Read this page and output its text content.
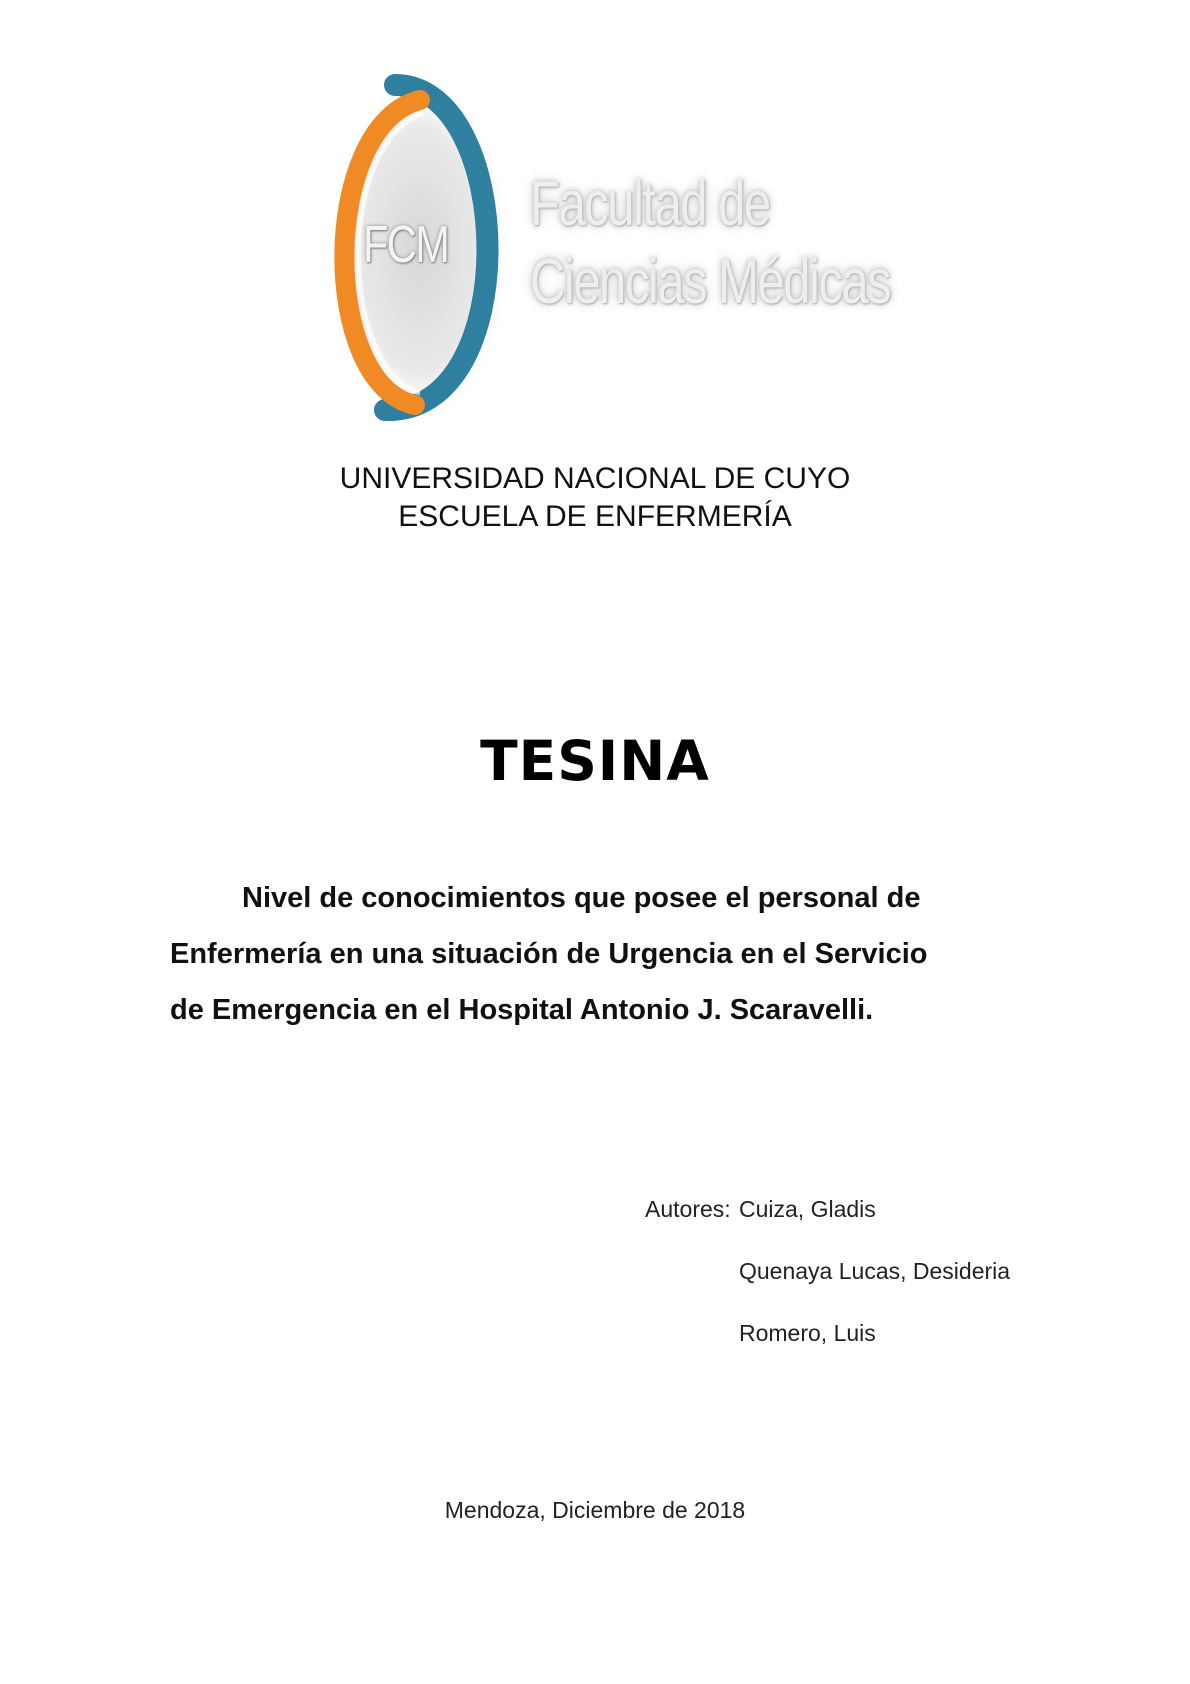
FCM
Facultad de
Ciencias Médicas
UNIVERSIDAD NACIONAL DE CUYO
ESCUELA DE ENFERMERÍA
TESINA
Nivel de conocimientos que posee el personal de
Enfermería en una situación de Urgencia en el Servicio
de Emergencia en el Hospital Antonio J. Scaravelli.
Autores: Cuiza, Gladis
Quenaya Lucas, Desideria
Romero, Luis
Mendoza, Diciembre de 2018
